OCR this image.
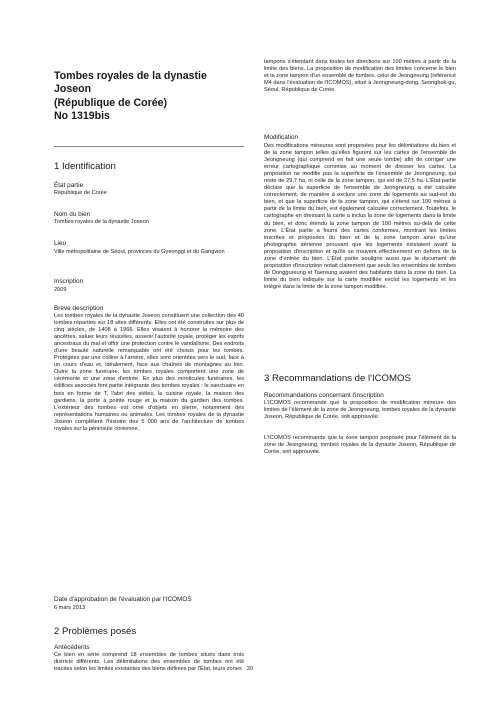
Tombes royales de la dynastie
Joseon
(République de Corée)
No 1319bis
1 Identification
État partie
République de Corée
Nom du bien
Tombes royales de la dynastie Joseon
Lieu
Ville métropolitaine de Séoul, provinces du Gyeonggi et du Gangwon
Inscription
2009
Brève description
Les tombes royales de la dynastie Joseon constituent une collection des 40 tombes réparties sur 18 sites différents. Elles ont été construites sur plus de cinq siècles, de 1408 à 1966. Elles visaient à honorer la mémoire des ancêtres, saluer leurs réussites, asseoir l'autorité royale, protéger les esprits ancestraux du mal et offrir une protection contre le vandalisme. Des endroits d'une beauté naturelle remarquable ont été choisis pour les tombes. Protégées par une colline à l'arrière, elles sont orientées vers le sud, face à un cours d'eau et, idéalement, face aux chaînes de montagnes au loin. Outre la zone funéraire, les tombes royales comportent une zone de cérémonie et une zone d'entrée. En plus des monticules funéraires, les édifices associés font partie intégrante des tombes royales : le sanctuaire en bois en forme de T, l'abri des stèles, la cuisine royale, la maison des gardiens, la porte à pointe rouge et la maison du gardien des tombes. L'extérieur des tombes est orné d'objets en pierre, notamment des représentations humaines ou animales. Les tombes royales de la dynastie Joseon complètent l'histoire des 5 000 ans de l'architecture de tombes royales sur la péninsule coréenne.
Date d'approbation de l'évaluation par l'ICOMOS
6 mars 2013
2 Problèmes posés
Antécédents
Ce bien en série comprend 18 ensembles de tombes situés dans trois districts différents. Les délimitations des ensembles de tombes ont été tracées selon les limites existantes des biens définies par l'État, leurs zones
tampons s'étendant dans toutes les directions sur 100 mètres à partir de la limite des biens. La proposition de modification des limites concerne le bien et la zone tampon d'un ensemble de tombes, celui de Jeongneung (référencé M4 dans l'évaluation de l'ICOMOS), situé à Jeongneung-dong, Seongbuk-gu, Séoul, République de Corée.
Modification
Des modifications mineures sont proposées pour les délimitations du bien et de la zone tampon telles qu'elles figurent sur les cartes de l'ensemble de Jeongneung (qui comprend en fait une seule tombe) afin de corriger une erreur cartographique commise au moment de dresser les cartes. La proposition ne modifie pas la superficie de l'ensemble de Jeongneung, qui reste de 29,7 ha, ni celle de la zone tampon, qui est de 27,5 ha. L'État partie déclare que la superficie de l'ensemble de Jeongneung a été calculée correctement, de manière à exclure une zone de logements au sud-est du bien, et que la superficie de la zone tampon, qui s'étend sur 100 mètres à partir de la limite du bien, est également calculée correctement. Toutefois, le cartographe en dressant la carte a inclus la zone de logements dans la limite du bien, et donc étendu la zone tampon de 100 mètres au-delà de cette zone. L'État partie a fourni des cartes conformes, montrant les limites inscrites et proposées du bien et de la zone tampon ainsi qu'une photographie aérienne prouvant que les logements existaient avant la proposition d'inscription et qu'ils se trouvent effectivement en dehors de la zone d'entrée du bien. L'État partie souligne aussi que le document de proposition d'inscription notait clairement que seuls les ensembles de tombes de Donggureung et Taereung avaient des habitants dans la zone du bien. La limite du bien indiquée sur la carte modifiée exclut les logements et les intègre dans la limite de la zone tampon modifiée.
3 Recommandations de l'ICOMOS
Recommandations concernant l'inscription
L'ICOMOS recommande que la proposition de modification mineure des limites de l'élément de la zone de Jeongneung, tombes royales de la dynastie Joseon, République de Corée, soit approuvée.
L'ICOMOS recommande que la zone tampon proposée pour l'élément de la zone de Jeongneung, tombes royales de la dynastie Joseon, République de Corée, soit approuvée.
20
